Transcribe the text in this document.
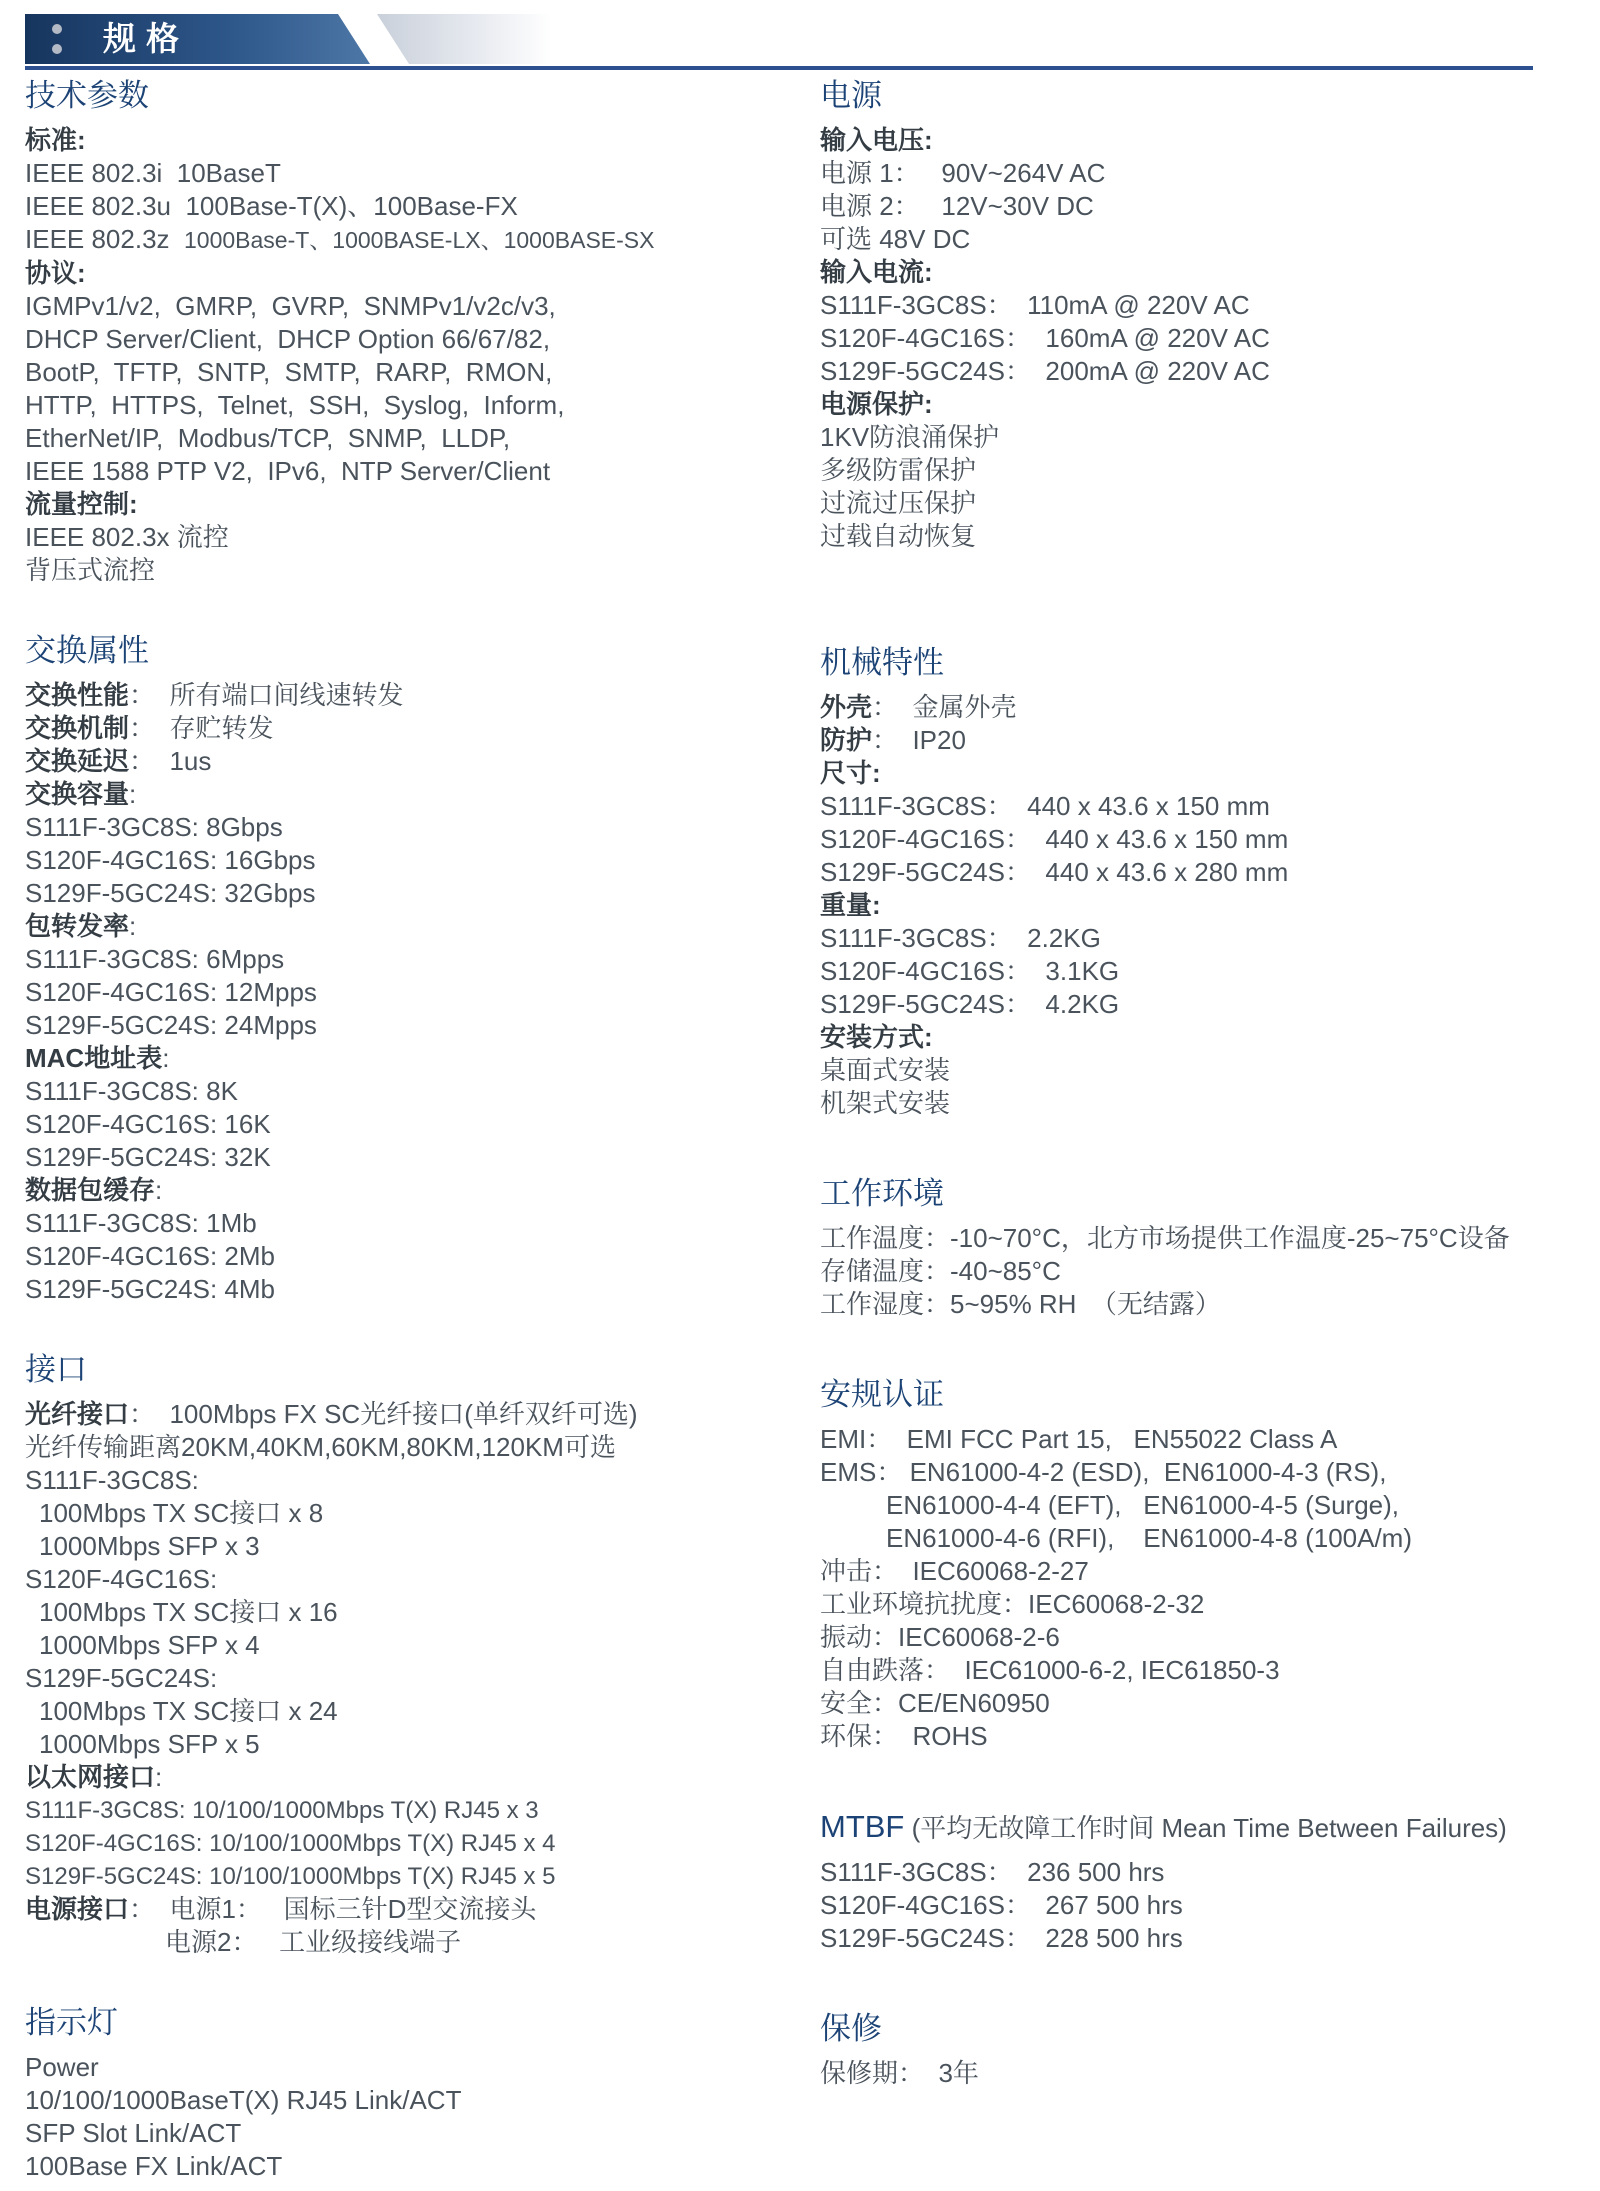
规格
技术参数

标准:

IEEE 802.3i  10BaseT

IEEE 802.3u  100Base-T(X)、100Base-FX

IEEE 802.3z  1000Base-T、1000BASE-LX、1000BASE-SX

协议:

IGMPv1/v2,  GMRP,  GVRP,  SNMPv1/v2c/v3,

DHCP Server/Client,  DHCP Option 66/67/82,

BootP,  TFTP,  SNTP,  SMTP,  RARP,  RMON,

HTTP,  HTTPS,  Telnet,  SSH,  Syslog,  Inform,

EtherNet/IP,  Modbus/TCP,  SNMP,  LLDP,

IEEE 1588 PTP V2,  IPv6,  NTP Server/Client

流量控制:

IEEE 802.3x 流控

背压式流控

交换属性

交换性能：  所有端口间线速转发

交换机制：  存贮转发

交换延迟：  1us

交换容量:

S111F-3GC8S: 8Gbps

S120F-4GC16S: 16Gbps

S129F-5GC24S: 32Gbps

包转发率:

S111F-3GC8S: 6Mpps

S120F-4GC16S: 12Mpps

S129F-5GC24S: 24Mpps

MAC地址表:

S111F-3GC8S: 8K

S120F-4GC16S: 16K

S129F-5GC24S: 32K

数据包缓存:

S111F-3GC8S: 1Mb

S120F-4GC16S: 2Mb

S129F-5GC24S: 4Mb

接口

光纤接口：  100Mbps FX SC光纤接口(单纤双纤可选)

光纤传输距离20KM,40KM,60KM,80KM,120KM可选

S111F-3GC8S:

100Mbps TX SC接口 x 8

1000Mbps SFP x 3

S120F-4GC16S:

100Mbps TX SC接口 x 16

1000Mbps SFP x 4

S129F-5GC24S:

100Mbps TX SC接口 x 24

1000Mbps SFP x 5

以太网接口:

S111F-3GC8S: 10/100/1000Mbps T(X) RJ45 x 3

S120F-4GC16S: 10/100/1000Mbps T(X) RJ45 x 4

S129F-5GC24S: 10/100/1000Mbps T(X) RJ45 x 5

电源接口：  电源1：   国标三针D型交流接头

电源2：   工业级接线端子

指示灯

Power

10/100/1000BaseT(X) RJ45 Link/ACT

SFP Slot Link/ACT

100Base FX Link/ACT

电源

输入电压:

电源 1：   90V~264V AC

电源 2：   12V~30V DC

可选 48V DC

输入电流:

S111F-3GC8S：  110mA @ 220V AC

S120F-4GC16S：  160mA @ 220V AC

S129F-5GC24S：  200mA @ 220V AC

电源保护:

1KV防浪涌保护

多级防雷保护

过流过压保护

过载自动恢复

机械特性

外壳：  金属外壳

防护：  IP20

尺寸:

S111F-3GC8S：  440 x 43.6 x 150 mm

S120F-4GC16S：  440 x 43.6 x 150 mm

S129F-5GC24S：  440 x 43.6 x 280 mm

重量:

S111F-3GC8S：  2.2KG

S120F-4GC16S：  3.1KG

S129F-5GC24S：  4.2KG

安装方式:

桌面式安装

机架式安装

工作环境

工作温度：-10~70°C，北方市场提供工作温度-25~75°C设备

存储温度：-40~85°C

工作湿度：5~95% RH  （无结露）

安规认证

EMI：  EMI FCC Part 15,   EN55022 Class A

EMS： EN61000-4-2 (ESD),  EN61000-4-3 (RS),

EN61000-4-4 (EFT),   EN61000-4-5 (Surge),

EN61000-4-6 (RFI),    EN61000-4-8 (100A/m)

冲击：  IEC60068-2-27

工业环境抗扰度：IEC60068-2-32

振动：IEC60068-2-6

自由跌落：  IEC61000-6-2, IEC61850-3

安全：CE/EN60950

环保：  ROHS

MTBF (平均无故障工作时间 Mean Time Between Failures)

S111F-3GC8S：  236 500 hrs

S120F-4GC16S：  267 500 hrs

S129F-5GC24S：  228 500 hrs

保修

保修期：  3年
